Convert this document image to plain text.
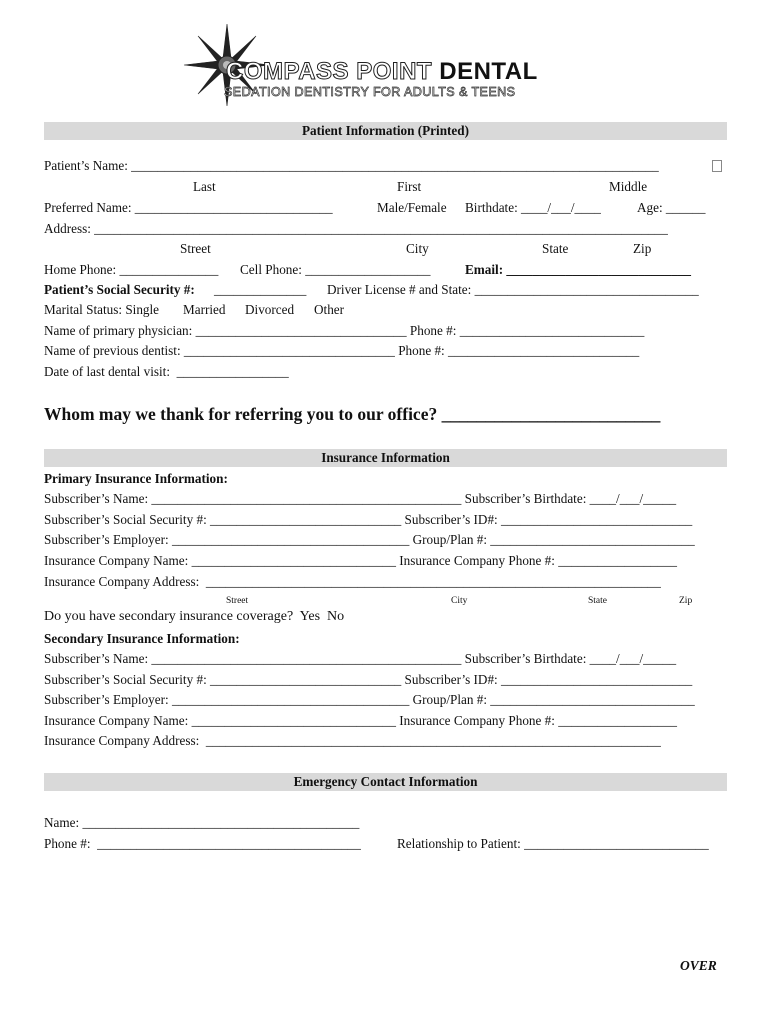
COMPASS POINT DENTAL
SEDATION DENTISTRY FOR ADULTS & TEENS
Patient Information (Printed)
Patient’s Name: ________________________________________________________________________________
Last	First	Middle
Preferred Name: ______________________________	Male/Female Birthdate: ____/___/____	Age: ______
Address: _______________________________________________________________________________________
Street	City	State	Zip
Home Phone: _______________ Cell Phone: ___________________	Email: ____________________________
Patient’s Social Security #: ______________ Driver License # and State: __________________________________
Marital Status: Single Married Divorced Other
Name of primary physician: ________________________________ Phone #: ____________________________
Name of previous dentist: ________________________________ Phone #: _____________________________
Date of last dental visit:  _________________
Whom may we thank for referring you to our office? _________________________
Insurance Information
Primary Insurance Information:
Subscriber’s Name: _______________________________________________ Subscriber’s Birthdate: ____/___/_____
Subscriber’s Social Security #: _____________________________ Subscriber’s ID#: _____________________________
Subscriber’s Employer: ____________________________________ Group/Plan #: _______________________________
Insurance Company Name: _______________________________ Insurance Company Phone #: __________________
Insurance Company Address:  _____________________________________________________________________
Street	City	State	Zip
Do you have secondary insurance coverage?  Yes  No
Secondary Insurance Information:
Subscriber’s Name: _______________________________________________ Subscriber’s Birthdate: ____/___/_____
Subscriber’s Social Security #: _____________________________ Subscriber’s ID#: _____________________________
Subscriber’s Employer: ____________________________________ Group/Plan #: _______________________________
Insurance Company Name: _______________________________ Insurance Company Phone #: __________________
Insurance Company Address:  _____________________________________________________________________
Emergency Contact Information
Name: __________________________________________
Phone #:  ________________________________________	Relationship to Patient: ____________________________
OVER
